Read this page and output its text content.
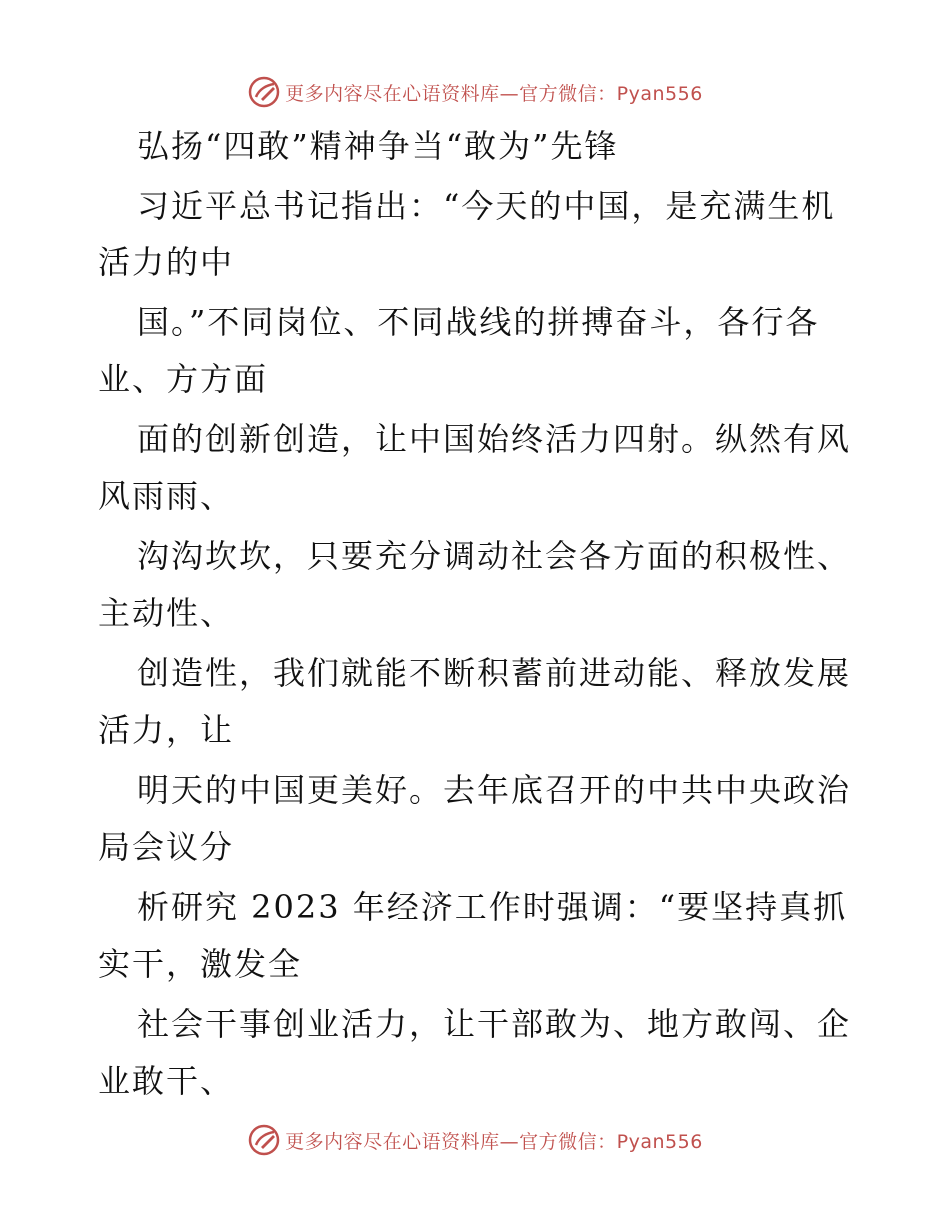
更多内容尽在心语资料库—官方微信：Pyan556
弘扬“四敢”精神争当“敢为”先锋
习近平总书记指出：“今天的中国，是充满生机
活力的中
国。”不同岗位、不同战线的拼搏奋斗，各行各
业、方方面
面的创新创造，让中国始终活力四射。纵然有风
风雨雨、
沟沟坎坎，只要充分调动社会各方面的积极性、
主动性、
创造性，我们就能不断积蓄前进动能、释放发展
活力，让
明天的中国更美好。去年底召开的中共中央政治
局会议分
析研究 2023 年经济工作时强调：“要坚持真抓
实干，激发全
社会干事创业活力，让干部敢为、地方敢闯、企
业敢干、
更多内容尽在心语资料库—官方微信：Pyan556
